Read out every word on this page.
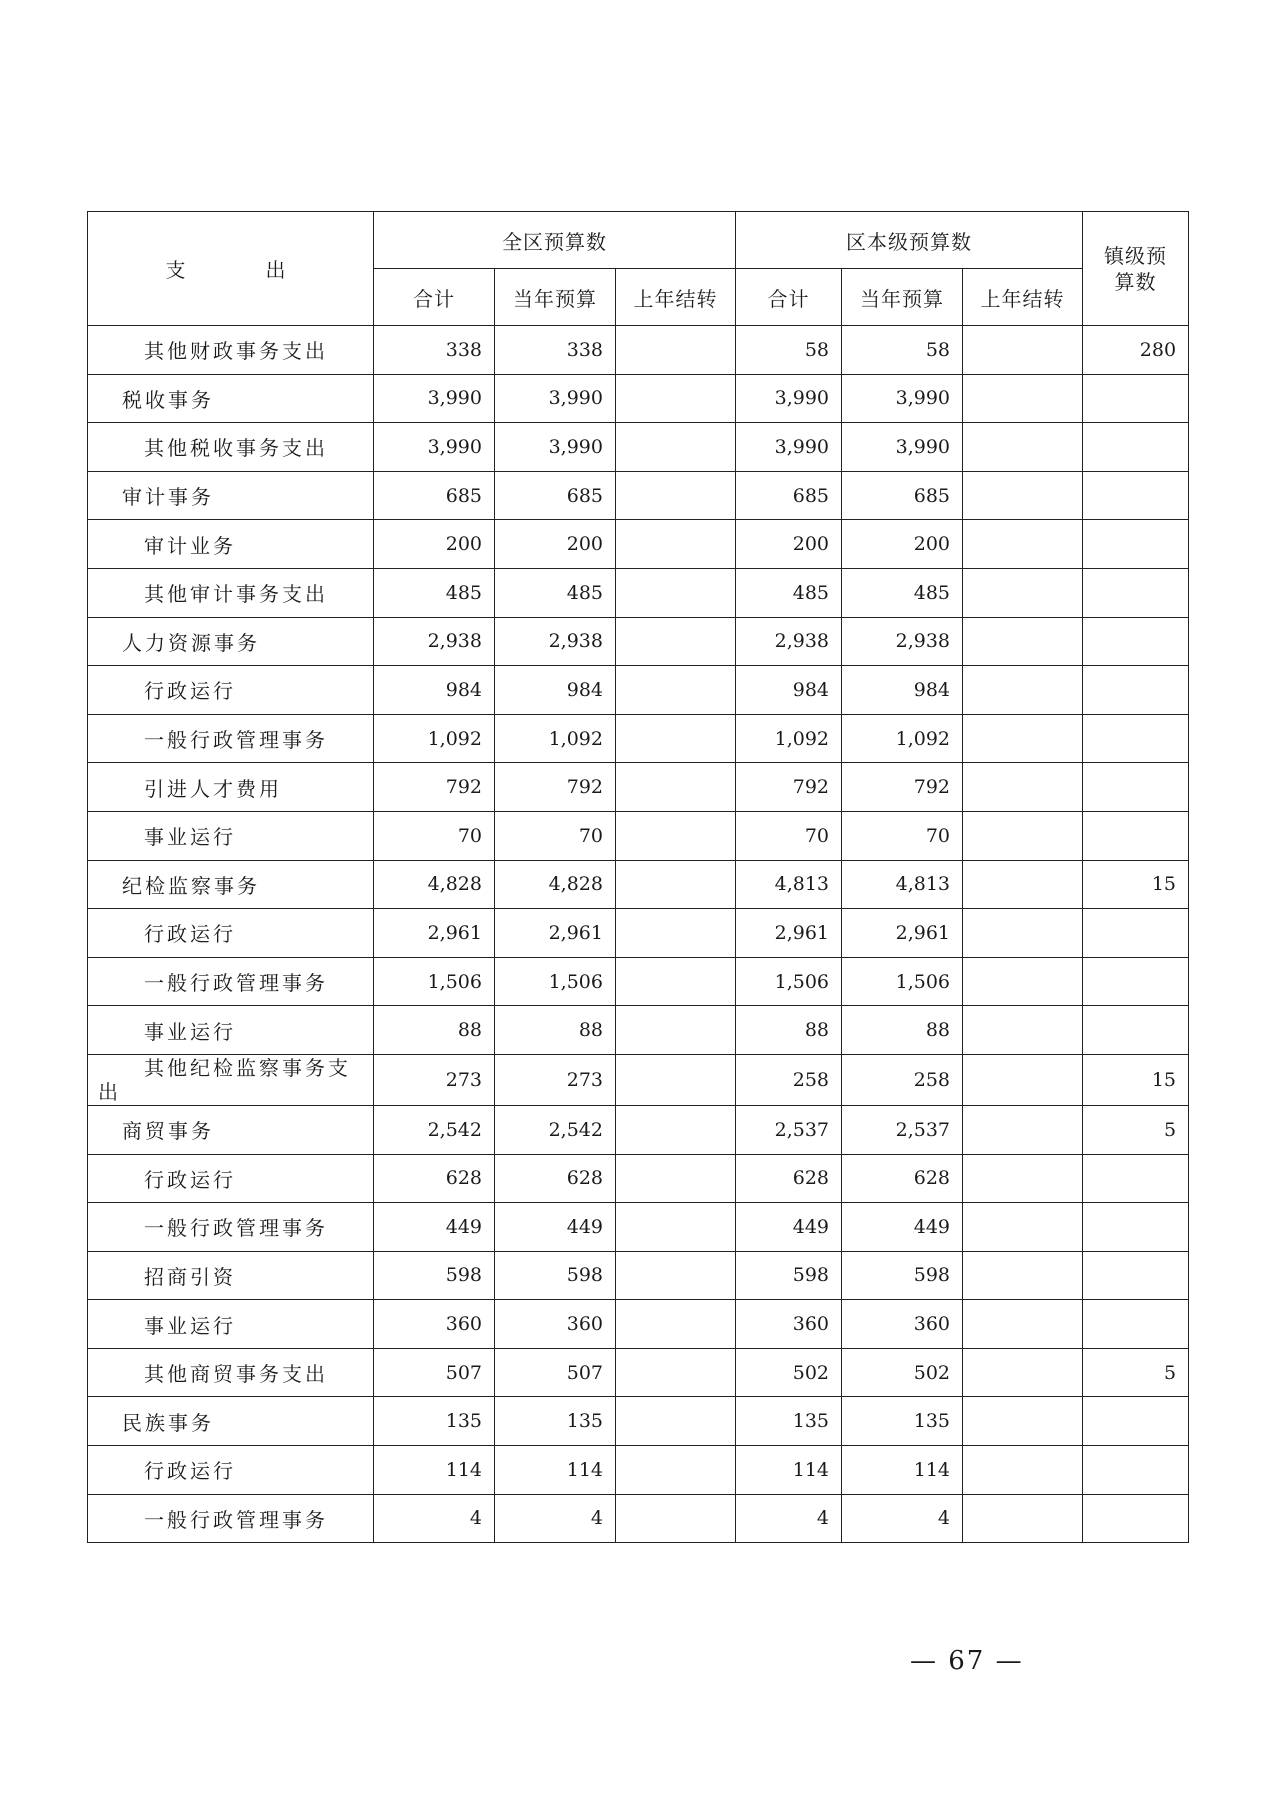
支　出	全区预算数			区本级预算数			镇级预算数
	合计	当年预算	上年结转	合计	当年预算	上年结转	
其他财政事务支出	338	338		58	58		280
税收事务	3,990	3,990		3,990	3,990		
其他税收事务支出	3,990	3,990		3,990	3,990		
审计事务	685	685		685	685		
审计业务	200	200		200	200		
其他审计事务支出	485	485		485	485		
人力资源事务	2,938	2,938		2,938	2,938		
行政运行	984	984		984	984		
一般行政管理事务	1,092	1,092		1,092	1,092		
引进人才费用	792	792		792	792		
事业运行	70	70		70	70		
纪检监察事务	4,828	4,828		4,813	4,813		15
行政运行	2,961	2,961		2,961	2,961		
一般行政管理事务	1,506	1,506		1,506	1,506		
事业运行	88	88		88	88		
其他纪检监察事务支出	273	273		258	258		15
商贸事务	2,542	2,542		2,537	2,537		5
行政运行	628	628		628	628		
一般行政管理事务	449	449		449	449		
招商引资	598	598		598	598		
事业运行	360	360		360	360		
其他商贸事务支出	507	507		502	502		5
民族事务	135	135		135	135		
行政运行	114	114		114	114		
一般行政管理事务	4	4		4	4		
— 67 —
